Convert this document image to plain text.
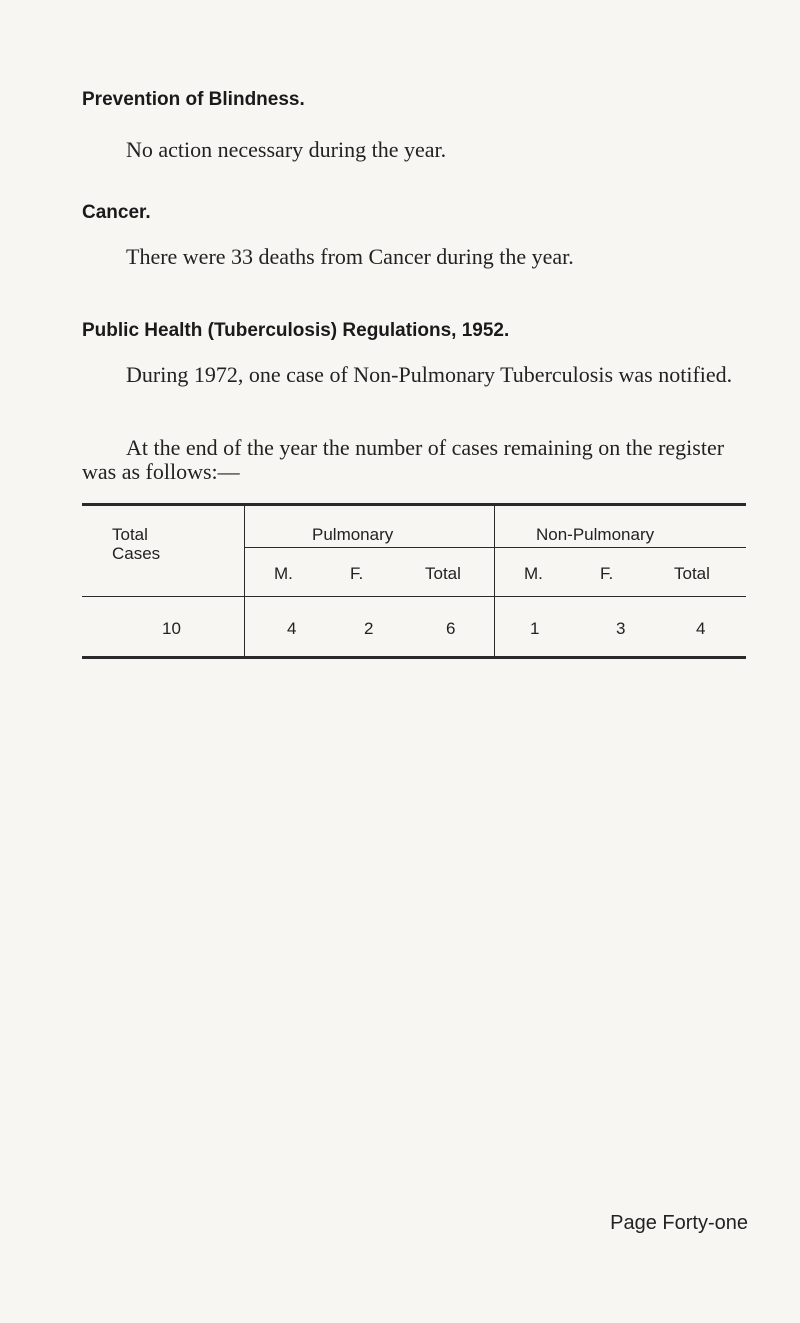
Prevention of Blindness.
No action necessary during the year.
Cancer.
There were 33 deaths from Cancer during the year.
Public Health (Tuberculosis) Regulations, 1952.
During 1972, one case of Non-Pulmonary Tuberculosis was notified.
At the end of the year the number of cases remaining on the register was as follows:—
Total
Cases
Pulmonary	Non-Pulmonary
M.	F.	Total	M.	F.	Total
10	4	2	6	1	3	4
Page Forty-one
